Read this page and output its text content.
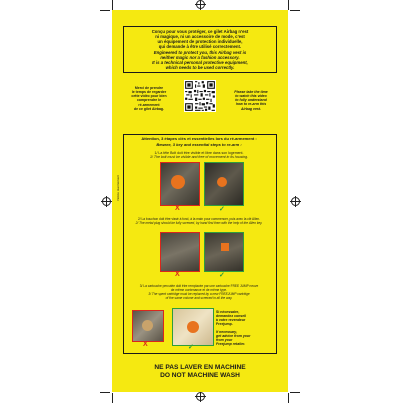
Conçu pour vous protéger, ce gilet Airbag n'est
ni magique, ni un accessoire de mode, c'est
un équipement de protection individuelle,
qui demande à être utilisé correctement.
Engineered to protect you, this Airbag vest is
neither magic nor a fashion accessory.
It is a technical personal protective equipment,
which needs to be used correctly.
Merci de prendre
le temps de regarder
cette vidéo pour bien
comprendre le
ré-armement
de ce gilet Airbag.
Please take the time
to watch this video
to fully understand
how to re-arm this
Airbag vest.
Attention, 3 étapes clés et essentielles lors du ré-armement :
Beware, 3 key and essential steps to re-arm :
Notice réarmement
1/ La tête Bolt doit être visible et libre dans son logement.
1/ The bolt must be visible and free of movement in its housing.
X	✓
2/ La bouchon doit être vissé à fond, à la main pour commencer, puis avec la clé Allen.
2/ The metal plug should be fully screwed, by hand first then with the help of the Allen key.
X	✓
3/ La cartouche percutée doit être remplacée par une cartouche FREE JUMP neuve
de même contenance et de même type.
3/ The spent cartridge must be replaced by a new FREEJUMP cartridge
of the same volume and screwed in all the way.
X	✓
Si nécessaire,
demandez conseil
à votre revendeur
Freejump.
If necessary,
get advice from your
from your
Freejump retailer.
NE PAS LAVER EN MACHINE
DO NOT MACHINE WASH
